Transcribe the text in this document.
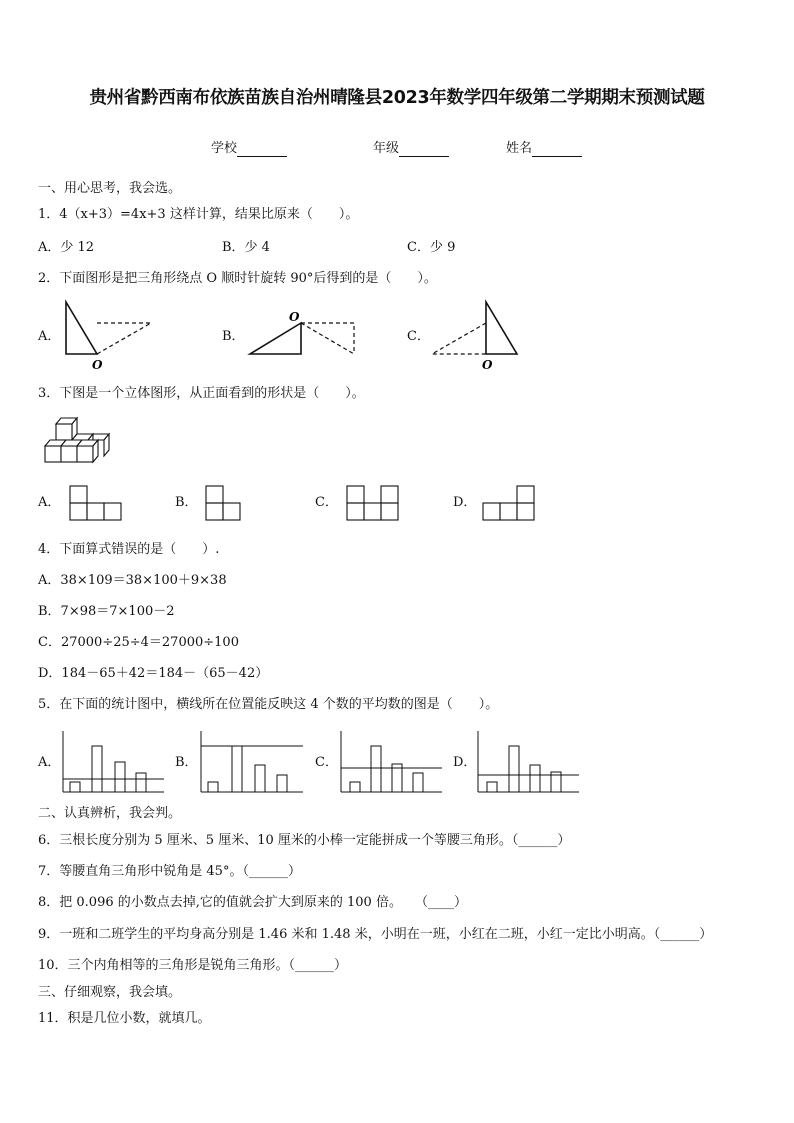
贵州省黔西南布依族苗族自治州晴隆县2023年数学四年级第二学期期末预测试题
学校	年级	姓名
一、用心思考，我会选。
1．4（x+3）=4x+3 这样计算，结果比原来（　　）。
A．少 12	B．少 4	C．少 9
2．下面图形是把三角形绕点 O 顺时针旋转 90°后得到的是（　　）。
A．	B．	C．
O
O
O
3．下图是一个立体图形，从正面看到的形状是（　　）。
A．	B．	C．	D．
4．下面算式错误的是（　　）.
A．38×109＝38×100＋9×38
B．7×98＝7×100－2
C．27000÷25÷4＝27000÷100
D．184－65＋42＝184－（65－42）
5．在下面的统计图中，横线所在位置能反映这 4 个数的平均数的图是（　　）。
A．	B．	C．	D．
二、认真辨析，我会判。
6．三根长度分别为 5 厘米、5 厘米、10 厘米的小棒一定能拼成一个等腰三角形。（______）
7．等腰直角三角形中锐角是 45°。（______）
8．把 0.096 的小数点去掉,它的值就会扩大到原来的 100 倍。　　（____）
9．一班和二班学生的平均身高分别是 1.46 米和 1.48 米，小明在一班，小红在二班，小红一定比小明高。（______）
10．三个内角相等的三角形是锐角三角形。（______）
三、仔细观察，我会填。
11．积是几位小数，就填几。
